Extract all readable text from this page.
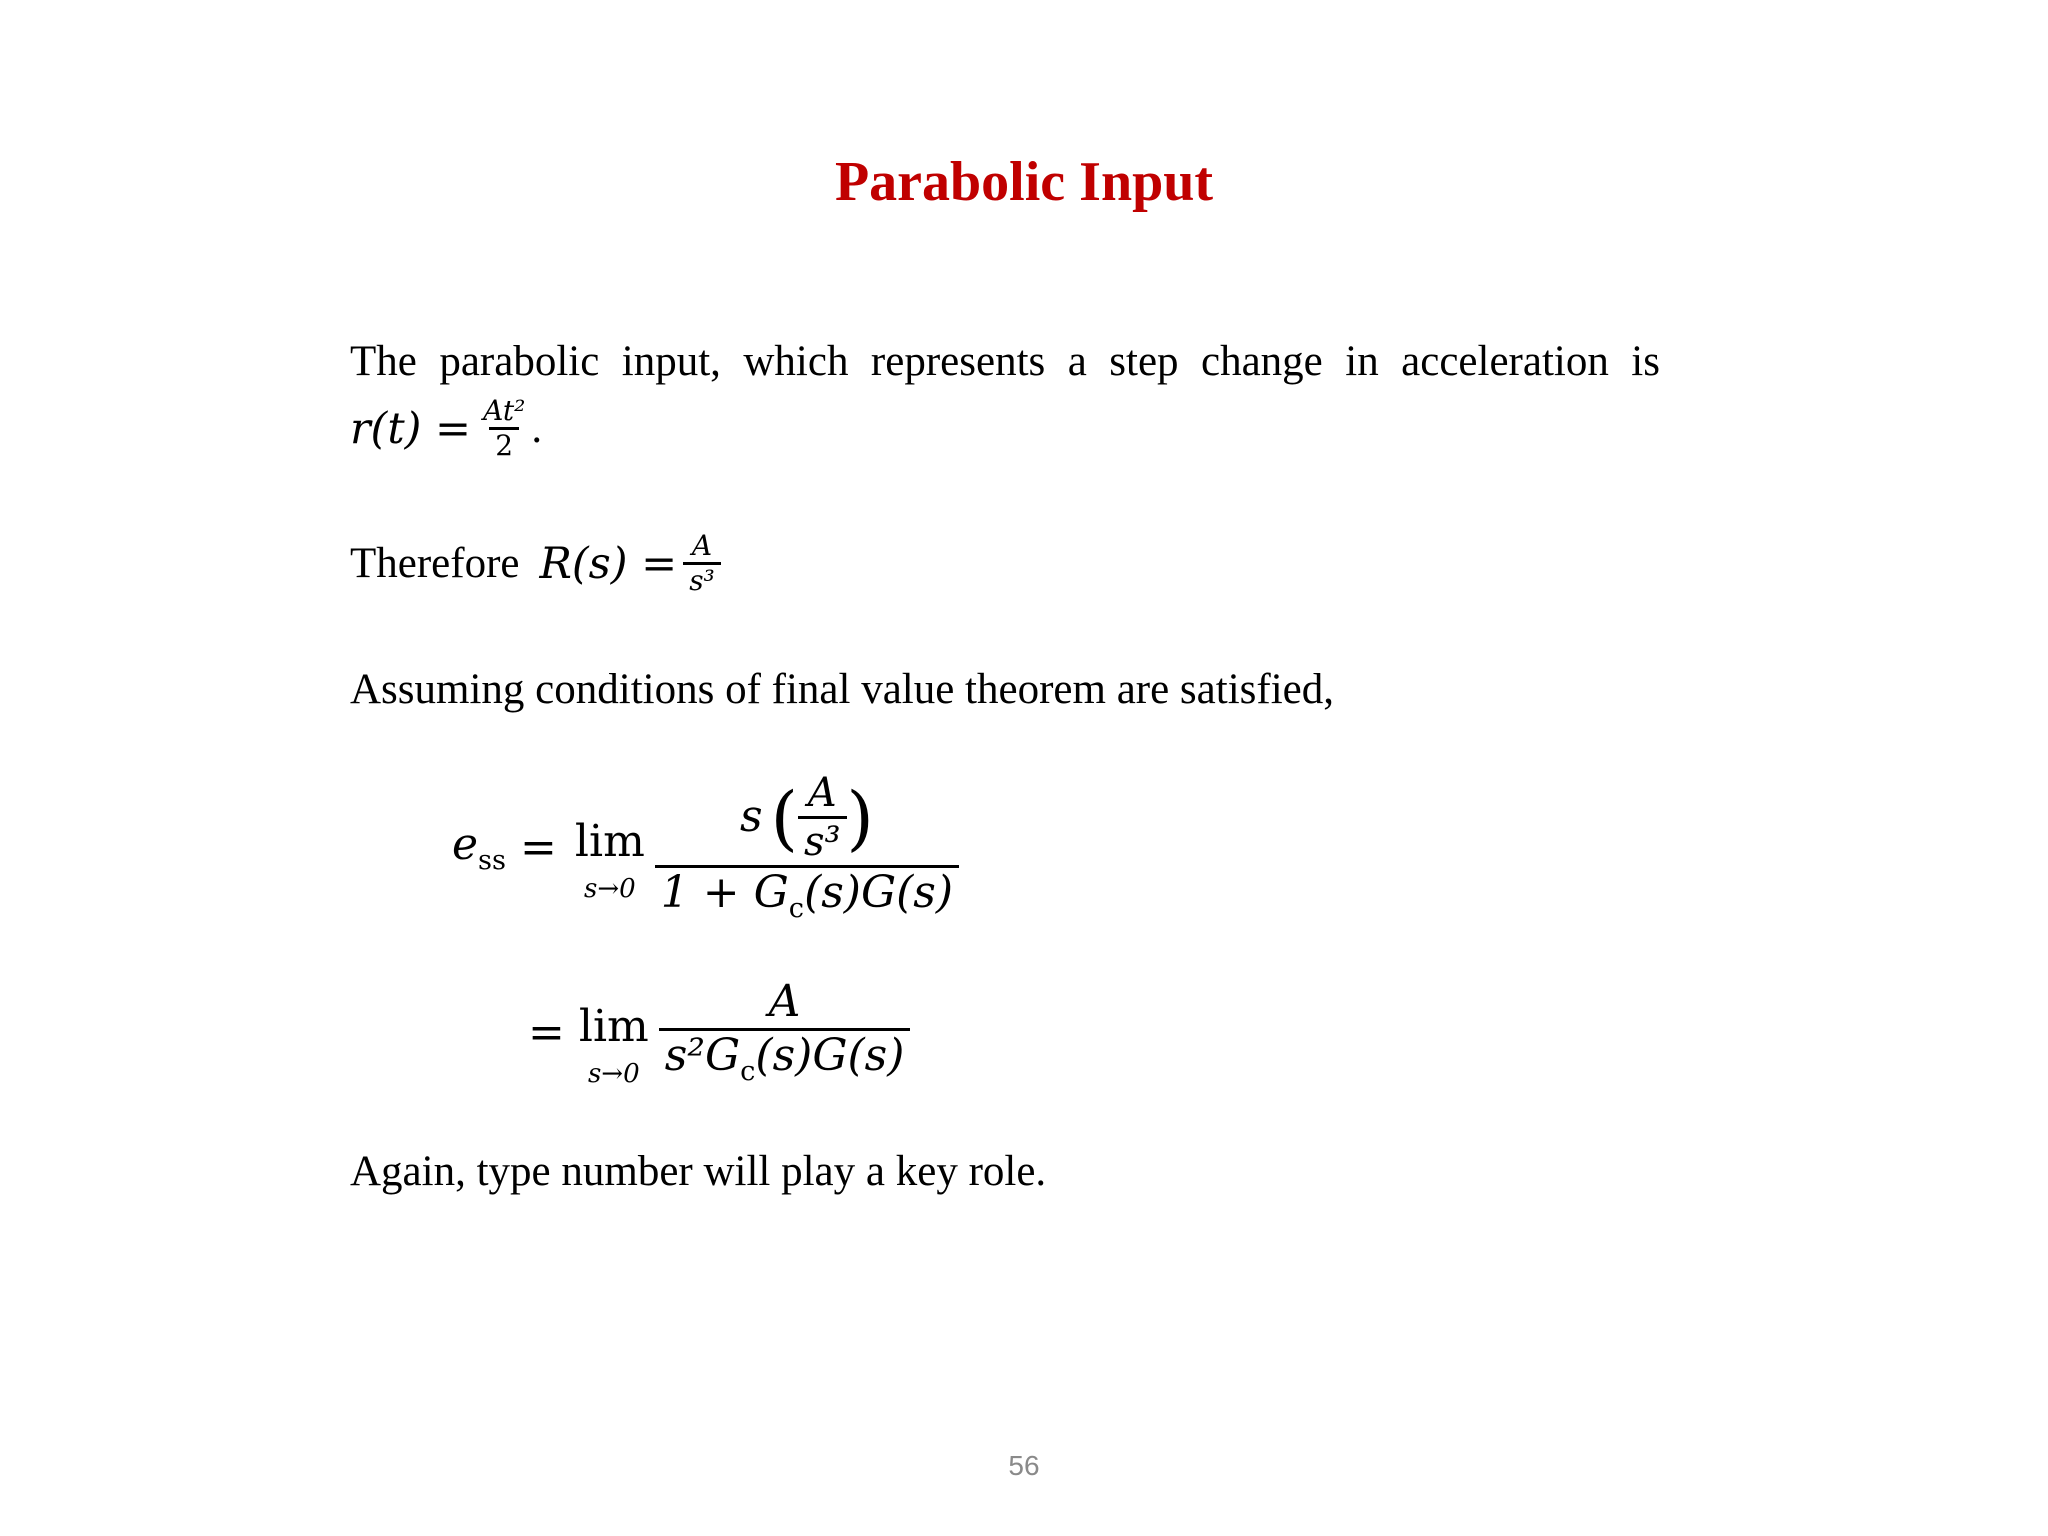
Parabolic Input
The parabolic input, which represents a step change in acceleration is
$r(t) = \frac{\text{At²}}{2}$ .
Therefore $R(s) = \frac{A}{\text{s³}}$
Assuming conditions of final value theorem are satisfied,
$e_{ss} = \lim$
s→0
s ( $\frac{A}{\text{s³}}$ )
$1 + G_c(s)G(s)$
= lim
$s\to 0 \frac{A}{s^2G_c(s)G(s)}$
Again, type number will play a key role.
56
